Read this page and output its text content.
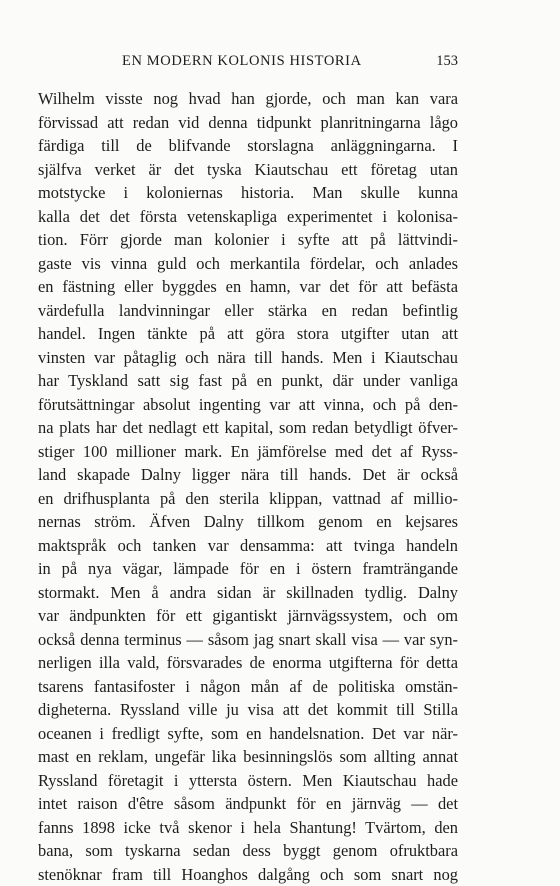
EN MODERN KOLONIS HISTORIA	153
Wilhelm visste nog hvad han gjorde, och man kan vara
förvissad att redan vid denna tidpunkt planritningarna lågo
färdiga till de blifvande storslagna anläggningarna. I
själfva verket är det tyska Kiautschau ett företag utan
motstycke i koloniernas historia. Man skulle kunna
kalla det det första vetenskapliga experimentet i kolonisa-
tion. Förr gjorde man kolonier i syfte att på lättvindi-
gaste vis vinna guld och merkantila fördelar, och anlades
en fästning eller byggdes en hamn, var det för att befästa
värdefulla landvinningar eller stärka en redan befintlig
handel. Ingen tänkte på att göra stora utgifter utan att
vinsten var påtaglig och nära till hands. Men i Kiautschau
har Tyskland satt sig fast på en punkt, där under vanliga
förutsättningar absolut ingenting var att vinna, och på den-
na plats har det nedlagt ett kapital, som redan betydligt öfver-
stiger 100 millioner mark. En jämförelse med det af Ryss-
land skapade Dalny ligger nära till hands. Det är också
en drifhusplanta på den sterila klippan, vattnad af millio-
nernas ström. Äfven Dalny tillkom genom en kejsares
maktspråk och tanken var densamma: att tvinga handeln
in på nya vägar, lämpade för en i östern framträngande
stormakt. Men å andra sidan är skillnaden tydlig. Dalny
var ändpunkten för ett gigantiskt järnvägssystem, och om
också denna terminus — såsom jag snart skall visa — var syn-
nerligen illa vald, försvarades de enorma utgifterna för detta
tsarens fantasifoster i någon mån af de politiska omstän-
digheterna. Ryssland ville ju visa att det kommit till Stilla
oceanen i fredligt syfte, som en handelsnation. Det var när-
mast en reklam, ungefär lika besinningslös som allting annat
Ryssland företagit i yttersta östern. Men Kiautschau hade
intet raison d'être såsom ändpunkt för en järnväg — det
fanns 1898 icke två skenor i hela Shantung! Tvärtom, den
bana, som tyskarna sedan dess byggt genom ofruktbara
stenöknar fram till Hoanghos dalgång och som snart nog
